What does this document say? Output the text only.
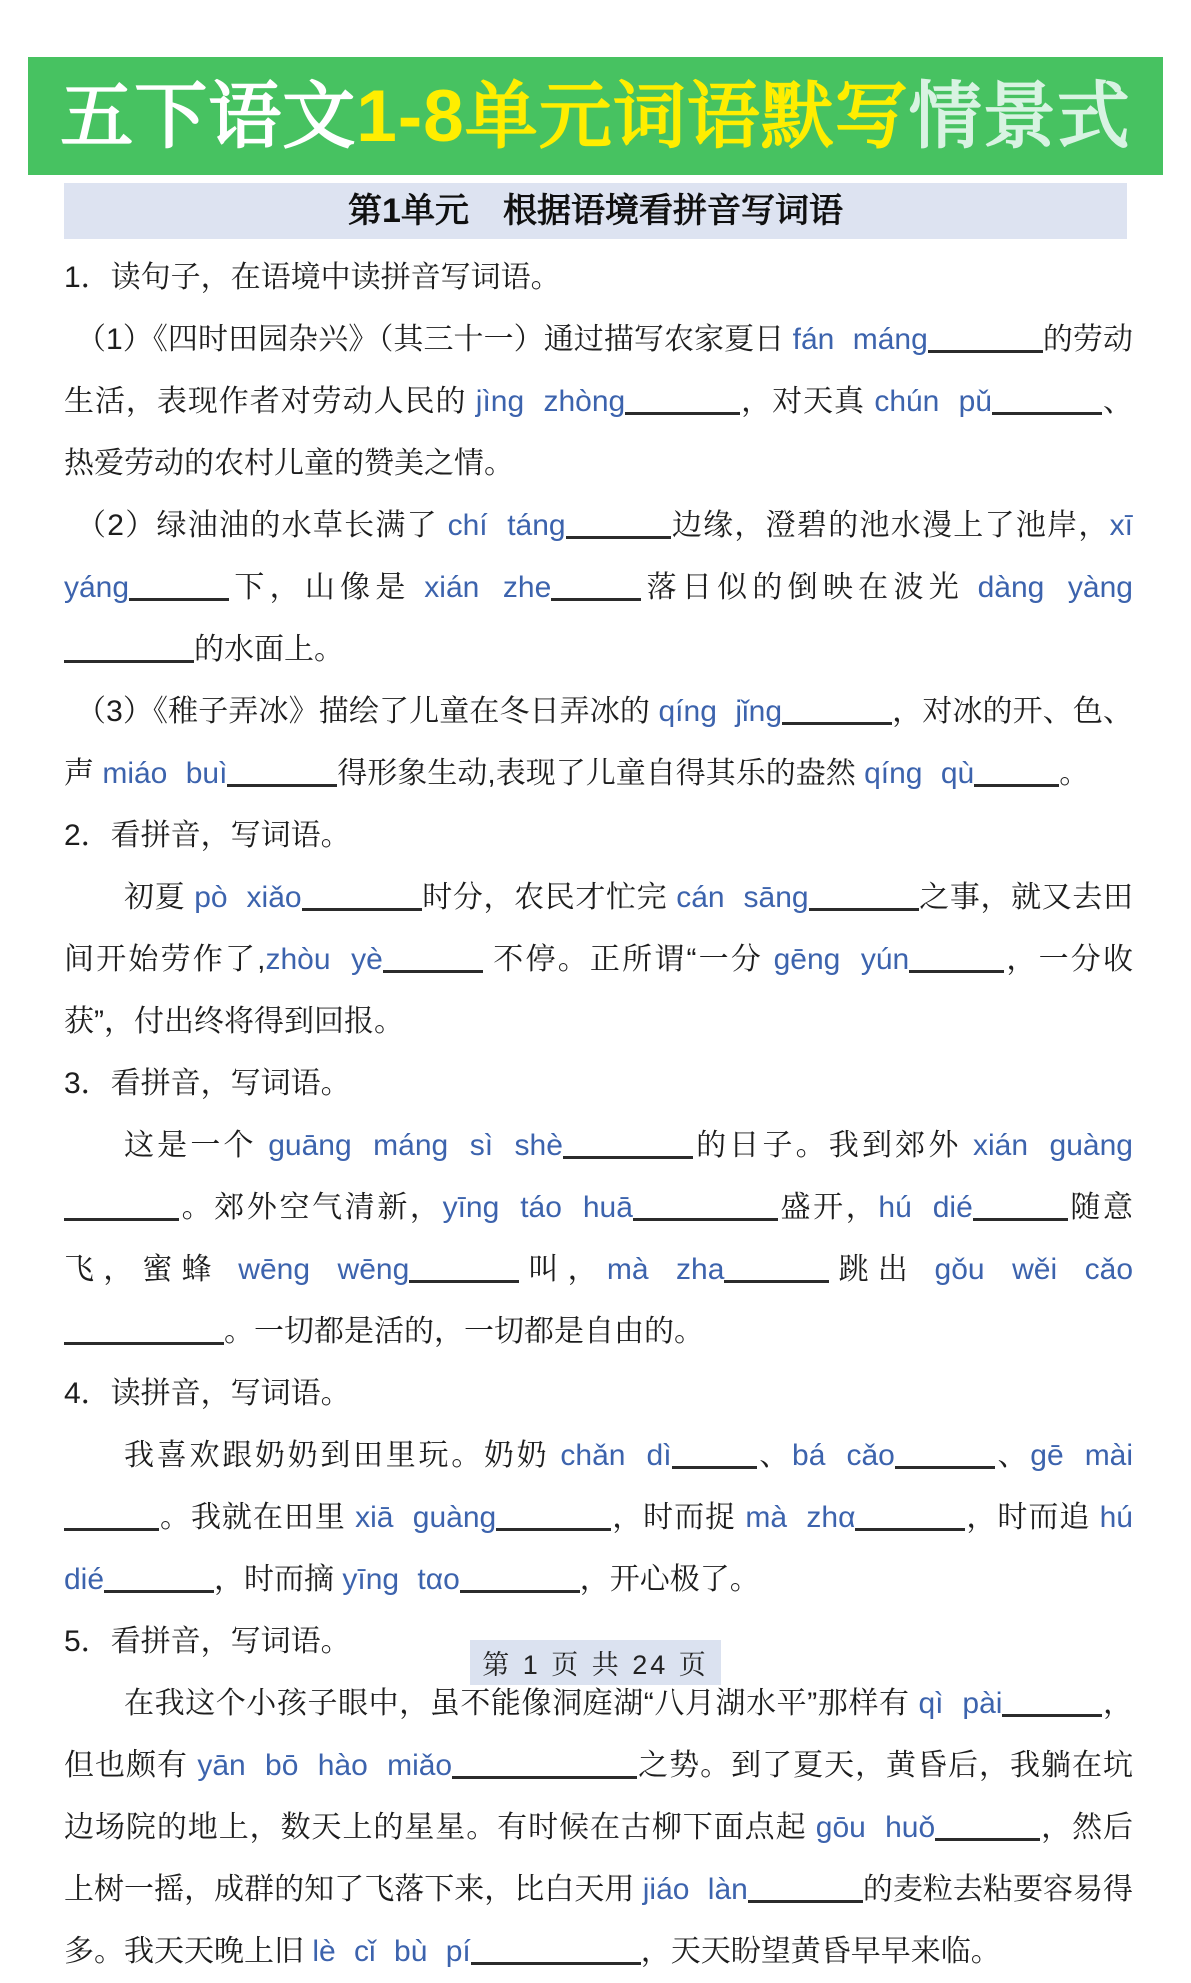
五下语文 1-8单元词语默写 情景式
第1单元　根据语境看拼音写词语

1．读句子，在语境中读拼音写词语。

（1）《四时田园杂兴》（其三十一）通过描写农家夏日 fán máng	的劳动生活，表现作者对劳动人民的 jìng zhòng	，对天真 chún pǔ	、热爱劳动的农村儿童的赞美之情。

（2）绿油油的水草长满了 chí táng	边缘，澄碧的池水漫上了池岸，xī yáng	下，山像是 xián zhe	落日似的倒映在波光 dàng yàng的水面上。

（3）《稚子弄冰》描绘了儿童在冬日弄冰的 qíng jǐng	，对冰的开、色、声 miáo buì	得形象生动,表现了儿童自得其乐的盎然 qíng qù	。

2．看拼音，写词语。

初夏 pò xiǎo	时分，农民才忙完 cán sāng	之事，就又去田间开始劳作了,zhòu yè	不停。正所谓“一分 gēng yún	，一分收获”，付出终将得到回报。

3．看拼音，写词语。

这是一个 guāng máng sì shè	的日子。我到郊外 xián guàng。郊外空气清新，yīng táo huā	盛开，hú dié	随意飞，蜜蜂 wēng wēng	叫，mà zha	跳出 gǒu wěi cǎo。一切都是活的，一切都是自由的。

4．读拼音，写词语。

我喜欢跟奶奶到田里玩。奶奶 chǎn dì	、bá cǎo	、gē mài。我就在田里 xiā guàng	，时而捉 mà zhα	，时而追 hú dié	，时而摘 yīng tαo	，开心极了。

5．看拼音，写词语。

在我这个小孩子眼中，虽不能像洞庭湖“八月湖水平”那样有 qì pài	，但也颇有 yān bō hào miǎo	之势。到了夏天，黄昏后，我躺在坑边场院的地上，数天上的星星。有时候在古柳下面点起 gōu huǒ	，然后上树一摇，成群的知了飞落下来，比白天用 jiáo làn	的麦粒去粘要容易得多。我天天晚上旧 lè cǐ bù pí	，天天盼望黄昏早早来临。

第 1 页 共 24 页
